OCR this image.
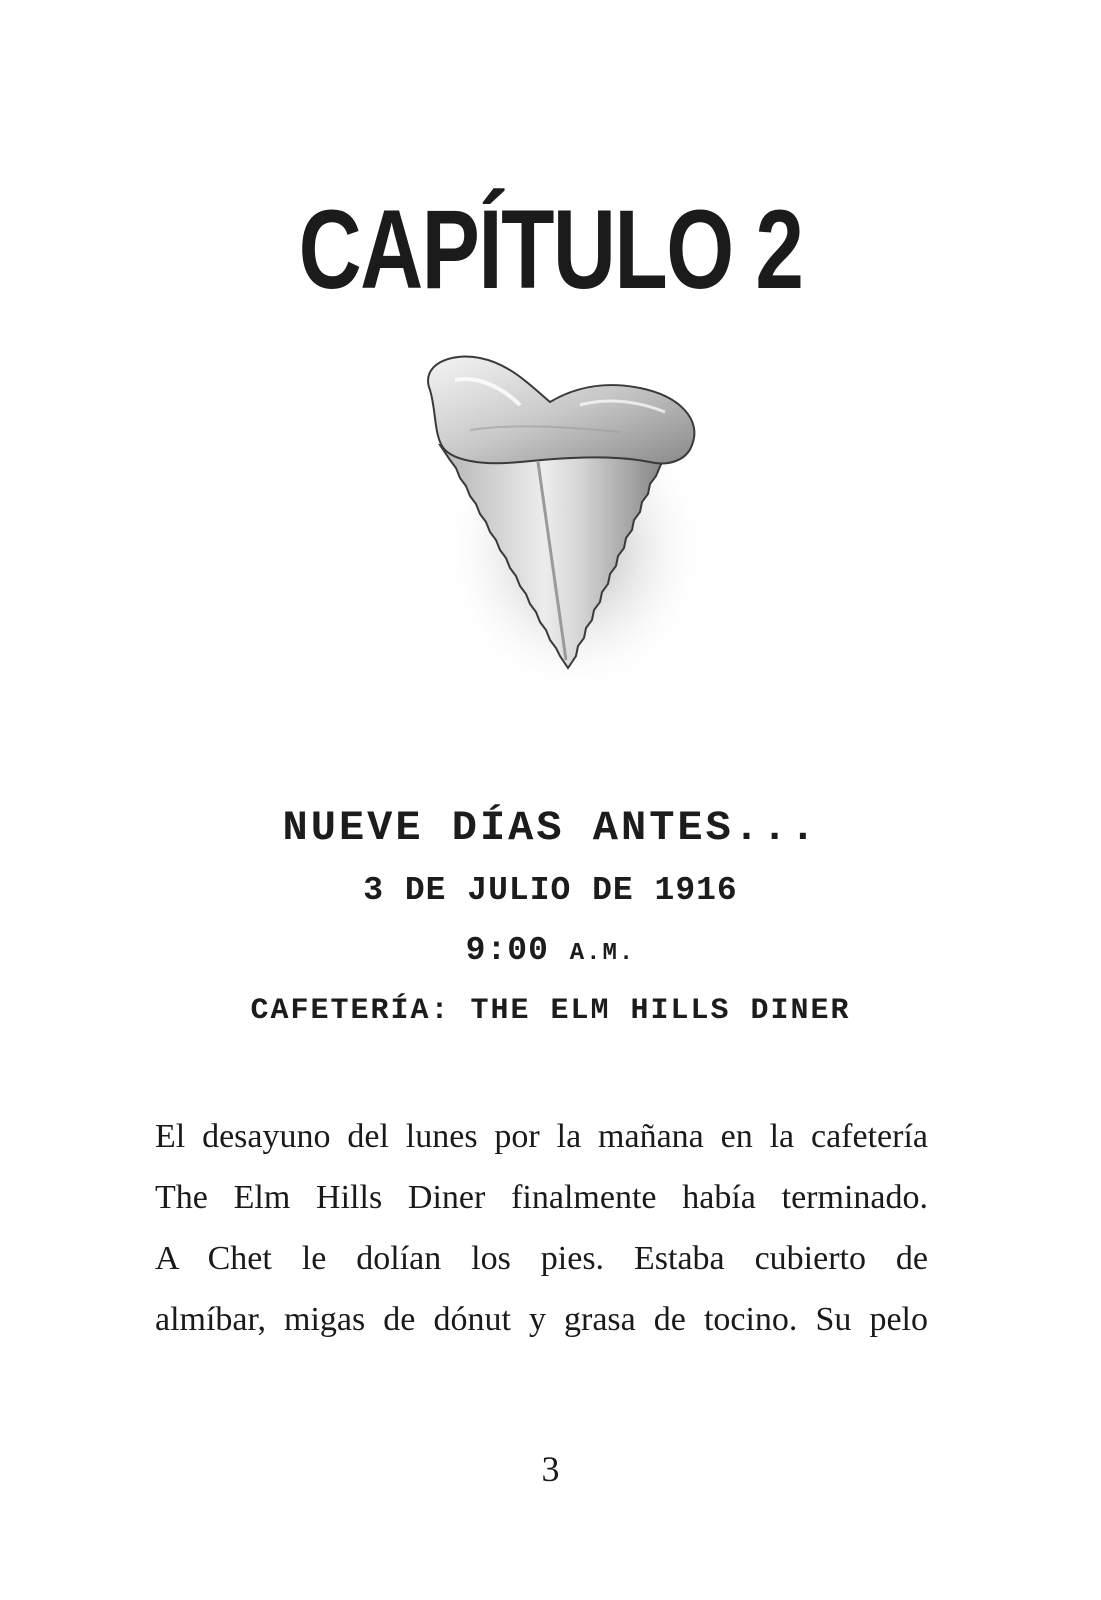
CAPÍTULO 2
NUEVE DÍAS ANTES...
3 DE JULIO DE 1916
9:00 A.M.
CAFETERÍA: THE ELM HILLS DINER
El desayuno del lunes por la mañana en la cafetería
The Elm Hills Diner finalmente había terminado.
A Chet le dolían los pies. Estaba cubierto de
almíbar, migas de dónut y grasa de tocino. Su pelo
3
